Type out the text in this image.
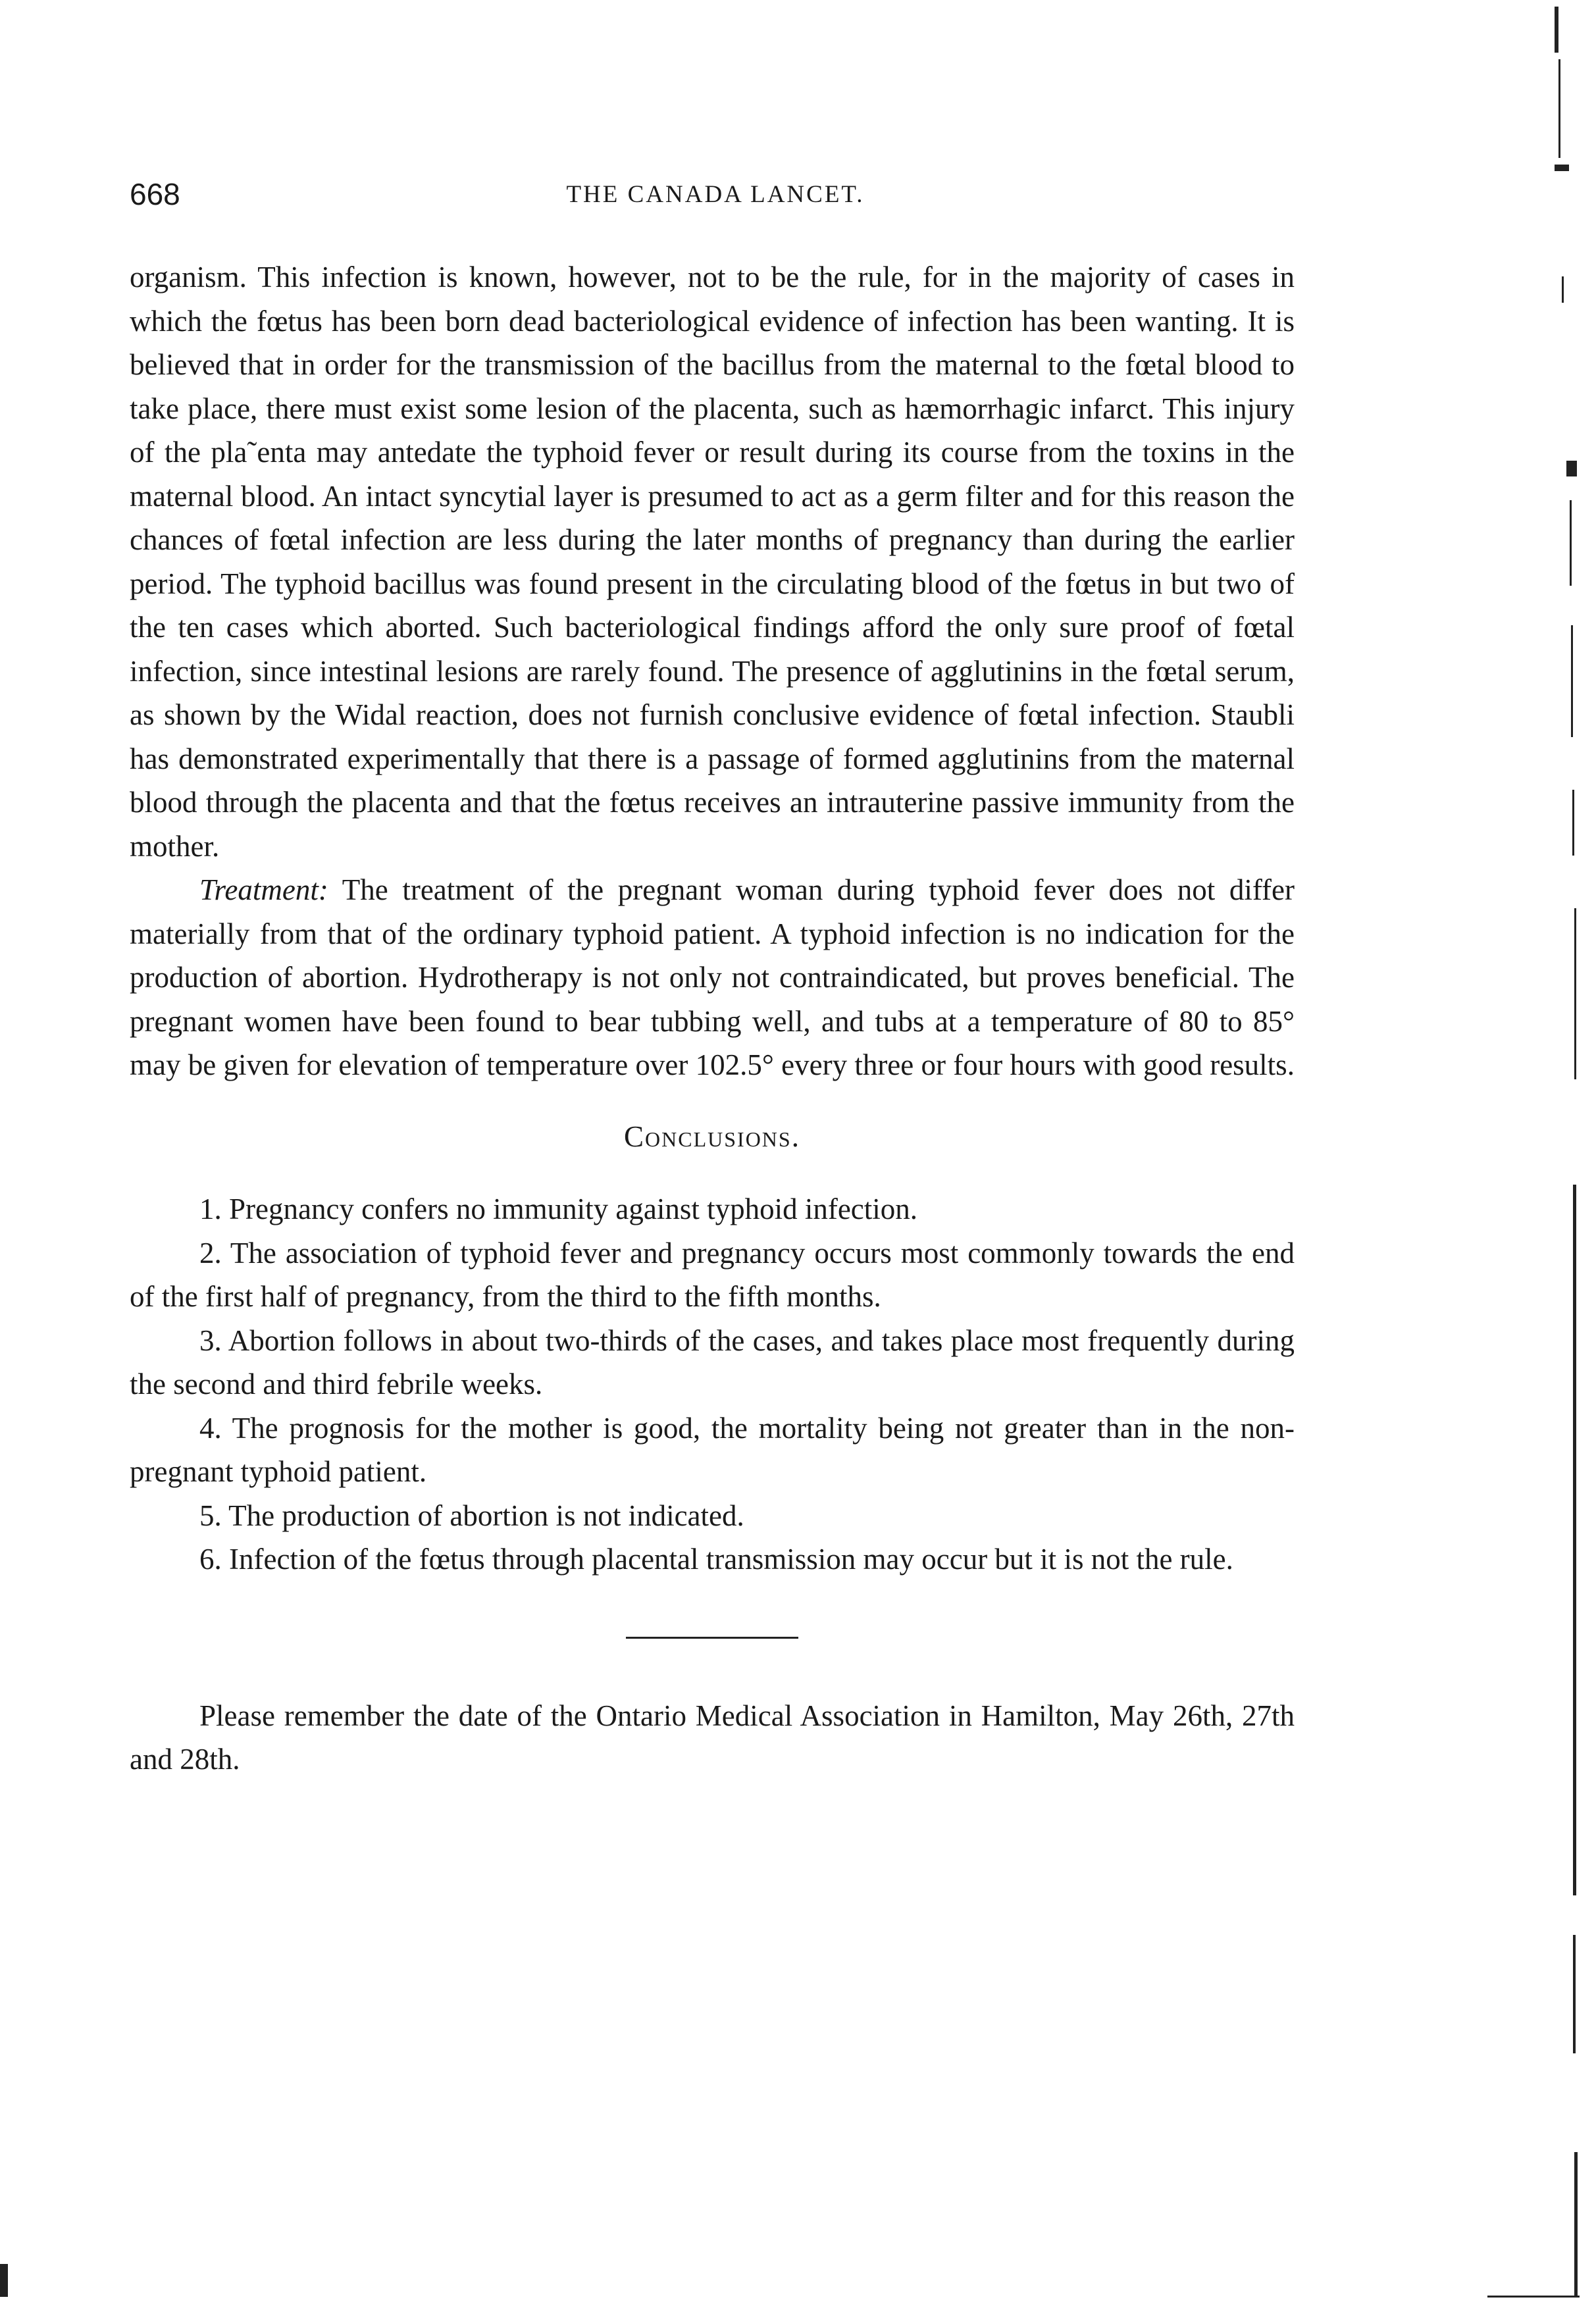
668	THE CANADA LANCET.

organism. This infection is known, however, not to be the rule, for in the majority of cases in which the fœtus has been born dead bacteriological evidence of infection has been wanting. It is believed that in order for the transmission of the bacillus from the maternal to the fœtal blood to take place, there must exist some lesion of the placenta, such as hæmorrhagic infarct. This injury of the pla˜enta may antedate the typhoid fever or result during its course from the toxins in the maternal blood. An intact syncytial layer is presumed to act as a germ filter and for this reason the chances of fœtal infection are less during the later months of pregnancy than during the earlier period. The typhoid bacillus was found present in the circulating blood of the fœtus in but two of the ten cases which aborted. Such bacteriological findings afford the only sure proof of fœtal infection, since intestinal lesions are rarely found. The presence of agglutinins in the fœtal serum, as shown by the Widal reaction, does not furnish conclusive evidence of fœtal infection. Staubli has demonstrated experimentally that there is a passage of formed agglutinins from the maternal blood through the placenta and that the fœtus receives an intrauterine passive immunity from the mother.

Treatment: The treatment of the pregnant woman during typhoid fever does not differ materially from that of the ordinary typhoid patient. A typhoid infection is no indication for the production of abortion. Hydrotherapy is not only not contraindicated, but proves beneficial. The pregnant women have been found to bear tubbing well, and tubs at a temperature of 80 to 85° may be given for elevation of temperature over 102.5° every three or four hours with good results.

Conclusions.

1. Pregnancy confers no immunity against typhoid infection.

2. The association of typhoid fever and pregnancy occurs most commonly towards the end of the first half of pregnancy, from the third to the fifth months.

3. Abortion follows in about two-thirds of the cases, and takes place most frequently during the second and third febrile weeks.

4. The prognosis for the mother is good, the mortality being not greater than in the non-pregnant typhoid patient.

5. The production of abortion is not indicated.

6. Infection of the fœtus through placental transmission may occur but it is not the rule.

Please remember the date of the Ontario Medical Association in Hamilton, May 26th, 27th and 28th.
